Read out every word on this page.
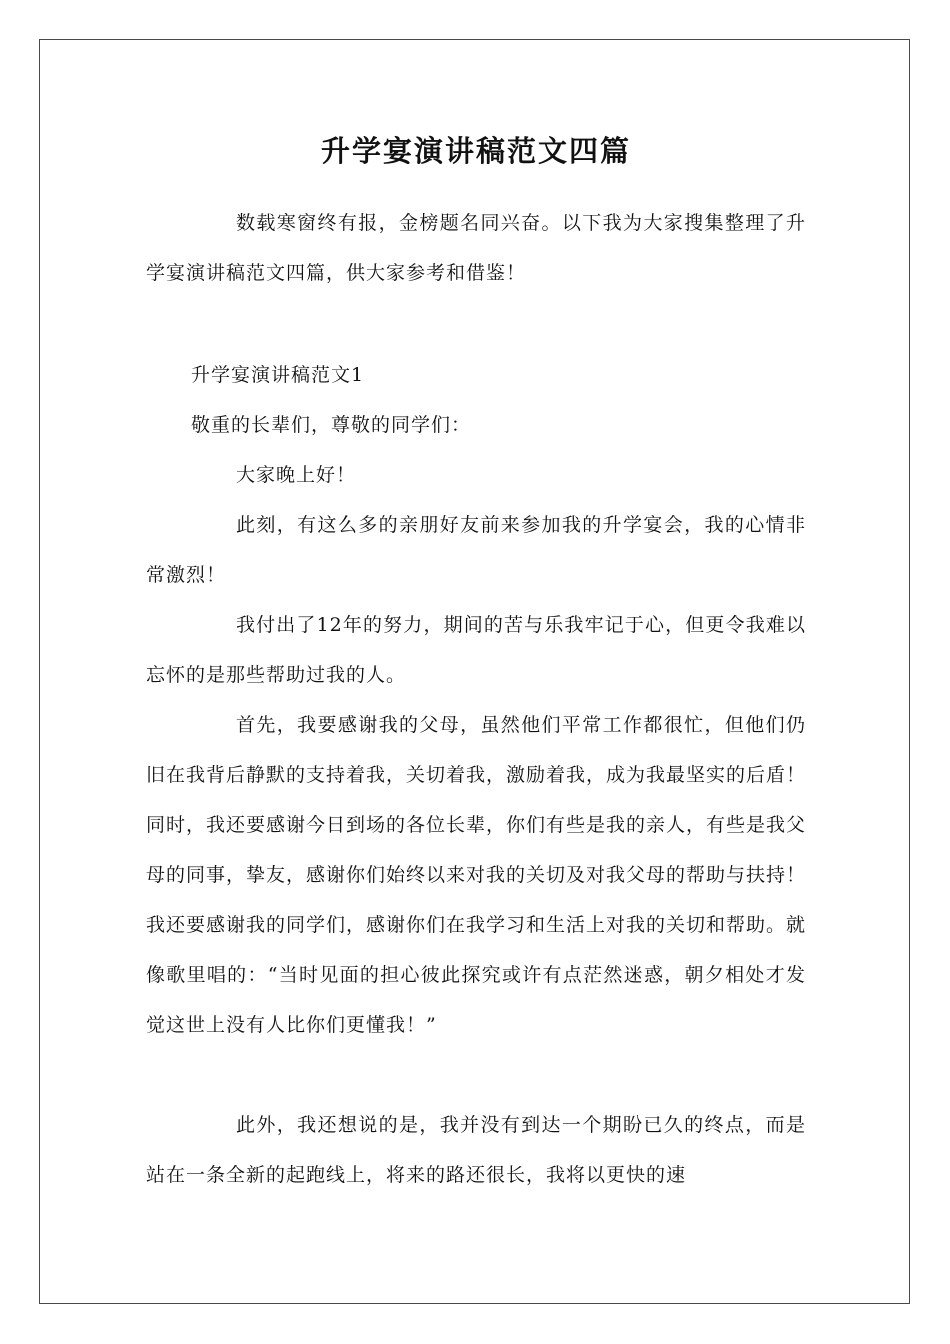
升学宴演讲稿范文四篇

数载寒窗终有报，金榜题名同兴奋。以下我为大家搜集整理了升学宴演讲稿范文四篇，供大家参考和借鉴！

升学宴演讲稿范文1

敬重的长辈们，尊敬的同学们：

大家晚上好！

此刻，有这么多的亲朋好友前来参加我的升学宴会，我的心情非常激烈！

我付出了12年的努力，期间的苦与乐我牢记于心，但更令我难以忘怀的是那些帮助过我的人。

首先，我要感谢我的父母，虽然他们平常工作都很忙，但他们仍旧在我背后静默的支持着我，关切着我，激励着我，成为我最坚实的后盾！同时，我还要感谢今日到场的各位长辈，你们有些是我的亲人，有些是我父母的同事，挚友，感谢你们始终以来对我的关切及对我父母的帮助与扶持！我还要感谢我的同学们，感谢你们在我学习和生活上对我的关切和帮助。就像歌里唱的：“当时见面的担心彼此探究或许有点茫然迷惑，朝夕相处才发觉这世上没有人比你们更懂我！”

此外，我还想说的是，我并没有到达一个期盼已久的终点，而是站在一条全新的起跑线上，将来的路还很长，我将以更快的速
